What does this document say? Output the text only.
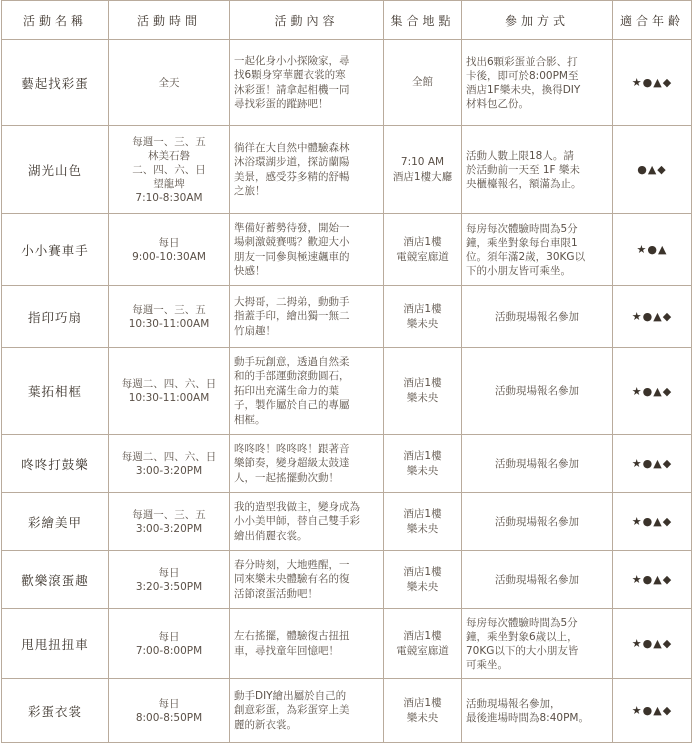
活動名稱	活動時間	活動內容	集合地點	參加方式	適合年齡
藝起找彩蛋	全天	一起化身小小探險家，尋
找6顆身穿華麗衣裳的寒
沐彩蛋！請拿起相機一同
尋找彩蛋的蹤跡吧！	全館	找出6顆彩蛋並合影、打
卡後，即可於8:00PM至
酒店1F樂未央，換得DIY
材料包乙份。	★●▲◆
湖光山色	每週一、三、五
林美石磐
二、四、六、日
望龍埤
7:10-8:30AM	徜徉在大自然中體驗森林
沐浴環湖步道，探訪蘭陽
美景，感受芬多精的舒暢
之旅！	7:10 AM
酒店1樓大廳	活動人數上限18人。請
於活動前一天至 1F 樂未
央櫃檯報名，額滿為止。	●▲◆
小小賽車手	每日
9:00-10:30AM	準備好蓄勢待發，開始一
場刺激競賽嗎？歡迎大小
朋友一同參與極速飆車的
快感！	酒店1樓
電競室廊道	每房每次體驗時間為5分
鐘，乘坐對象每台車限1
位。須年滿2歲，30KG以
下的小朋友皆可乘坐。	★●▲
指印巧扇	每週一、三、五
10:30-11:00AM	大拇哥，二拇弟，動動手
指蓋手印，繪出獨一無二
竹扇趣！	酒店1樓
樂未央	活動現場報名參加	★●▲◆
葉拓相框	每週二、四、六、日
10:30-11:00AM	動手玩創意，透過自然柔
和的手部運動滾動圓石，
拓印出充滿生命力的葉
子，製作屬於自己的專屬
相框。	酒店1樓
樂未央	活動現場報名參加	★●▲◆
咚咚打鼓樂	每週二、四、六、日
3:00-3:20PM	咚咚咚！咚咚咚！跟著音
樂節奏，變身超級太鼓達
人，一起搖擺動次動！	酒店1樓
樂未央	活動現場報名參加	★●▲◆
彩繪美甲	每週一、三、五
3:00-3:20PM	我的造型我做主，變身成為
小小美甲師，替自己雙手彩
繪出俏麗衣裳。	酒店1樓
樂未央	活動現場報名參加	★●▲◆
歡樂滾蛋趣	每日
3:20-3:50PM	春分時刻，大地甦醒，一
同來樂未央體驗有名的復
活節滾蛋活動吧！	酒店1樓
樂未央	活動現場報名參加	★●▲◆
甩甩扭扭車	每日
7:00-8:00PM	左右搖擺，體驗復古扭扭
車，尋找童年回憶吧！	酒店1樓
電競室廊道	每房每次體驗時間為5分
鐘，乘坐對象6歲以上，
70KG以下的大小朋友皆
可乘坐。	★●▲◆
彩蛋衣裳	每日
8:00-8:50PM	動手DIY繪出屬於自己的
創意彩蛋，為彩蛋穿上美
麗的新衣裳。	酒店1樓
樂未央	活動現場報名參加，
最後進場時間為8:40PM。	★●▲◆
